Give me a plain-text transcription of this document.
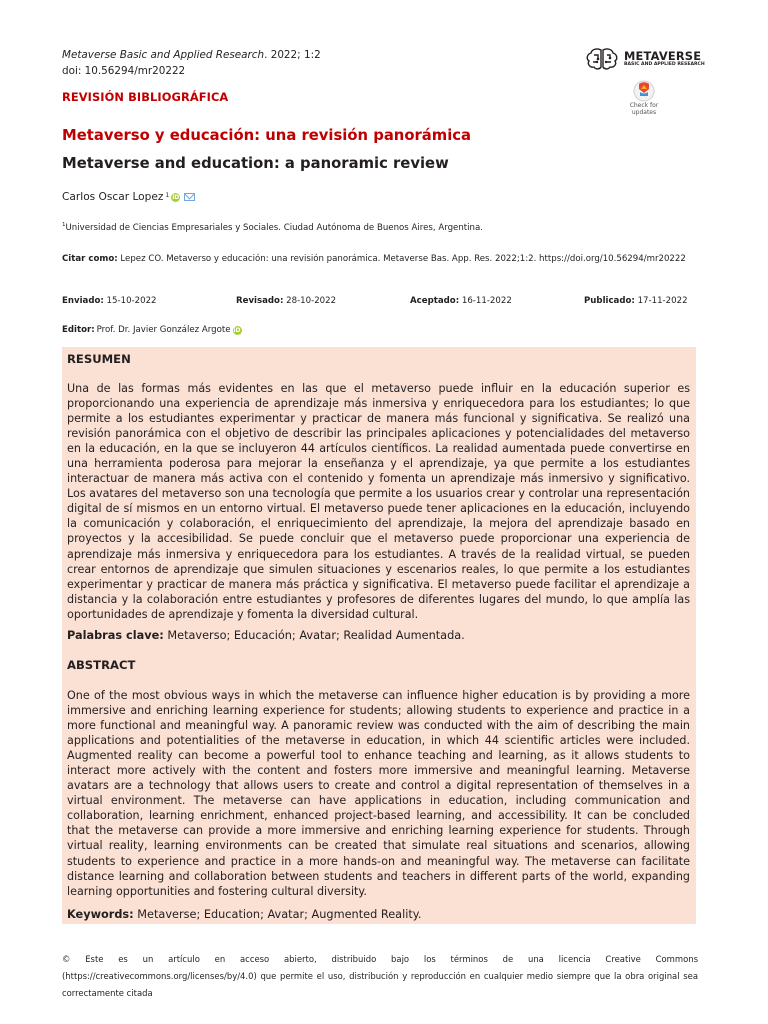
Metaverse Basic and Applied Research. 2022; 1:2
doi: 10.56294/mr20222
METAVERSE
BASIC AND APPLIED RESEARCH
Check for updates
REVISIÓN BIBLIOGRÁFICA
Metaverso y educación: una revisión panorámica
Metaverse and education: a panoramic review
Carlos Oscar Lopez $^1$ iD
$^1$Universidad de Ciencias Empresariales y Sociales. Ciudad Autónoma de Buenos Aires, Argentina.
Citar como: Lepez CO. Metaverso y educación: una revisión panorámica. Metaverse Bas. App. Res. 2022;1:2. https://doi.org/10.56294/mr20222
Enviado: 15-10-2022	Revisado: 28-10-2022	Aceptado: 16-11-2022	Publicado: 17-11-2022
Editor: Prof. Dr. Javier González Argote iD
RESUMEN
Una de las formas más evidentes en las que el metaverso puede influir en la educación superior es proporcionando una experiencia de aprendizaje más inmersiva y enriquecedora para los estudiantes; lo que permite a los estudiantes experimentar y practicar de manera más funcional y significativa. Se realizó una revisión panorámica con el objetivo de describir las principales aplicaciones y potencialidades del metaverso en la educación, en la que se incluyeron 44 artículos científicos. La realidad aumentada puede convertirse en una herramienta poderosa para mejorar la enseñanza y el aprendizaje, ya que permite a los estudiantes interactuar de manera más activa con el contenido y fomenta un aprendizaje más inmersivo y significativo. Los avatares del metaverso son una tecnología que permite a los usuarios crear y controlar una representación digital de sí mismos en un entorno virtual. El metaverso puede tener aplicaciones en la educación, incluyendo la comunicación y colaboración, el enriquecimiento del aprendizaje, la mejora del aprendizaje basado en proyectos y la accesibilidad. Se puede concluir que el metaverso puede proporcionar una experiencia de aprendizaje más inmersiva y enriquecedora para los estudiantes. A través de la realidad virtual, se pueden crear entornos de aprendizaje que simulen situaciones y escenarios reales, lo que permite a los estudiantes experimentar y practicar de manera más práctica y significativa. El metaverso puede facilitar el aprendizaje a distancia y la colaboración entre estudiantes y profesores de diferentes lugares del mundo, lo que amplía las oportunidades de aprendizaje y fomenta la diversidad cultural.
Palabras clave: Metaverso; Educación; Avatar; Realidad Aumentada.
ABSTRACT
One of the most obvious ways in which the metaverse can influence higher education is by providing a more immersive and enriching learning experience for students; allowing students to experience and practice in a more functional and meaningful way. A panoramic review was conducted with the aim of describing the main applications and potentialities of the metaverse in education, in which 44 scientific articles were included. Augmented reality can become a powerful tool to enhance teaching and learning, as it allows students to interact more actively with the content and fosters more immersive and meaningful learning. Metaverse avatars are a technology that allows users to create and control a digital representation of themselves in a virtual environment. The metaverse can have applications in education, including communication and collaboration, learning enrichment, enhanced project-based learning, and accessibility. It can be concluded that the metaverse can provide a more immersive and enriching learning experience for students. Through virtual reality, learning environments can be created that simulate real situations and scenarios, allowing students to experience and practice in a more hands-on and meaningful way. The metaverse can facilitate distance learning and collaboration between students and teachers in different parts of the world, expanding learning opportunities and fostering cultural diversity.
Keywords: Metaverse; Education; Avatar; Augmented Reality.
© Este es un artículo en acceso abierto, distribuido bajo los términos de una licencia Creative Commons (https://creativecommons.org/licenses/by/4.0) que permite el uso, distribución y reproducción en cualquier medio siempre que la obra original sea correctamente citada
